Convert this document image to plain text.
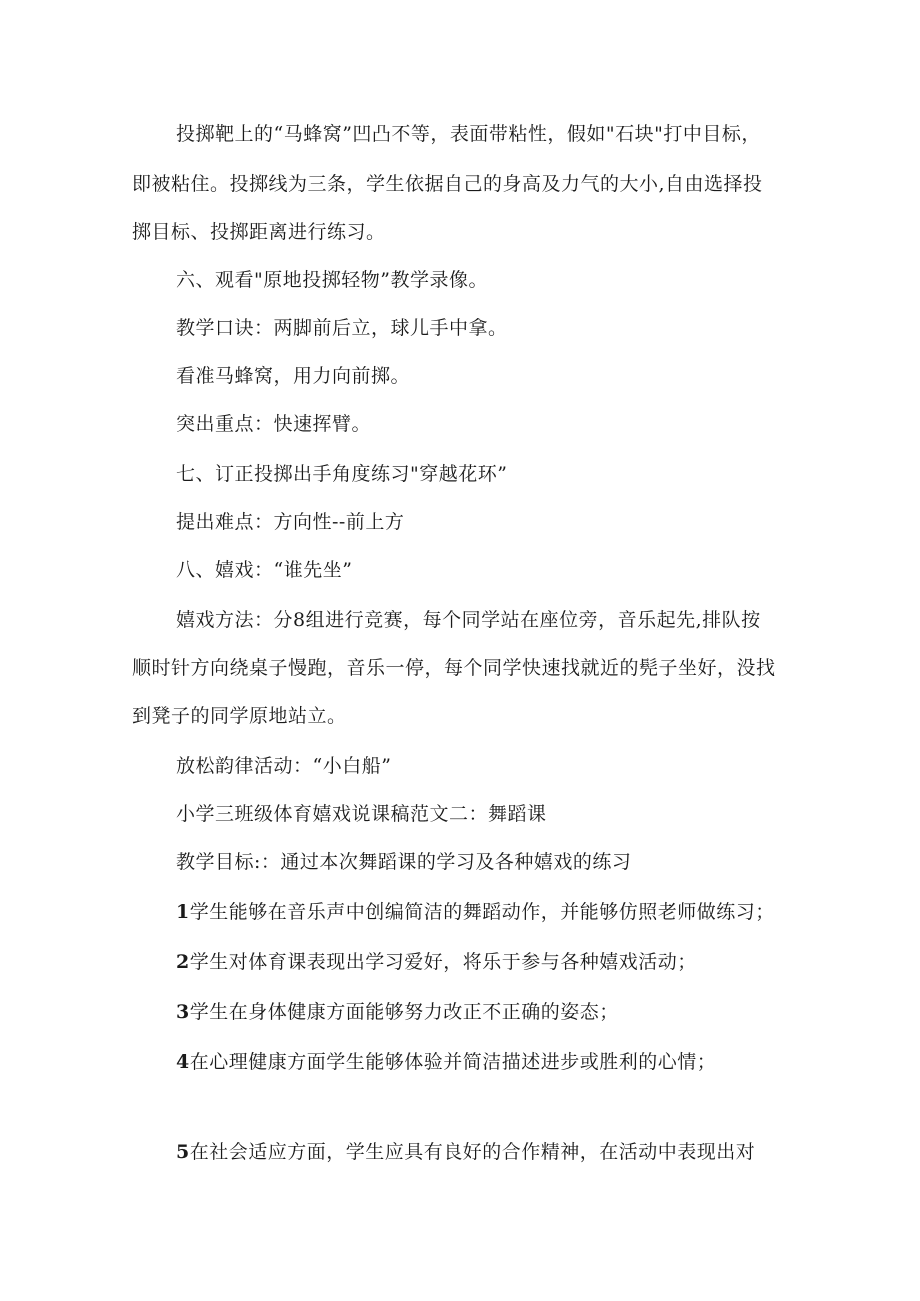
投掷靶上的“马蜂窝”凹凸不等，表面带粘性，假如"石块"打中目标，
即被粘住。投掷线为三条，学生依据自己的身高及力气的大小,自由选择投
掷目标、投掷距离进行练习。
六、观看"原地投掷轻物”教学录像。
教学口诀：两脚前后立，球儿手中拿。
看准马蜂窝，用力向前掷。
突出重点：快速挥臂。
七、订正投掷出手角度练习"穿越花环”
提出难点：方向性--前上方
八、嬉戏：“谁先坐”
嬉戏方法：分8组进行竞赛，每个同学站在座位旁，音乐起先,排队按
顺时针方向绕桌子慢跑，音乐一停，每个同学快速找就近的髡子坐好，没找
到凳子的同学原地站立。
放松韵律活动：“小白船”
小学三班级体育嬉戏说课稿范文二：舞蹈课
教学目标:：通过本次舞蹈课的学习及各种嬉戏的练习
1学生能够在音乐声中创编简洁的舞蹈动作，并能够仿照老师做练习；
2学生对体育课表现出学习爱好，将乐于参与各种嬉戏活动；
3学生在身体健康方面能够努力改正不正确的姿态；
4在心理健康方面学生能够体验并简洁描述进步或胜利的心情；
5在社会适应方面，学生应具有良好的合作精神，在活动中表现出对
